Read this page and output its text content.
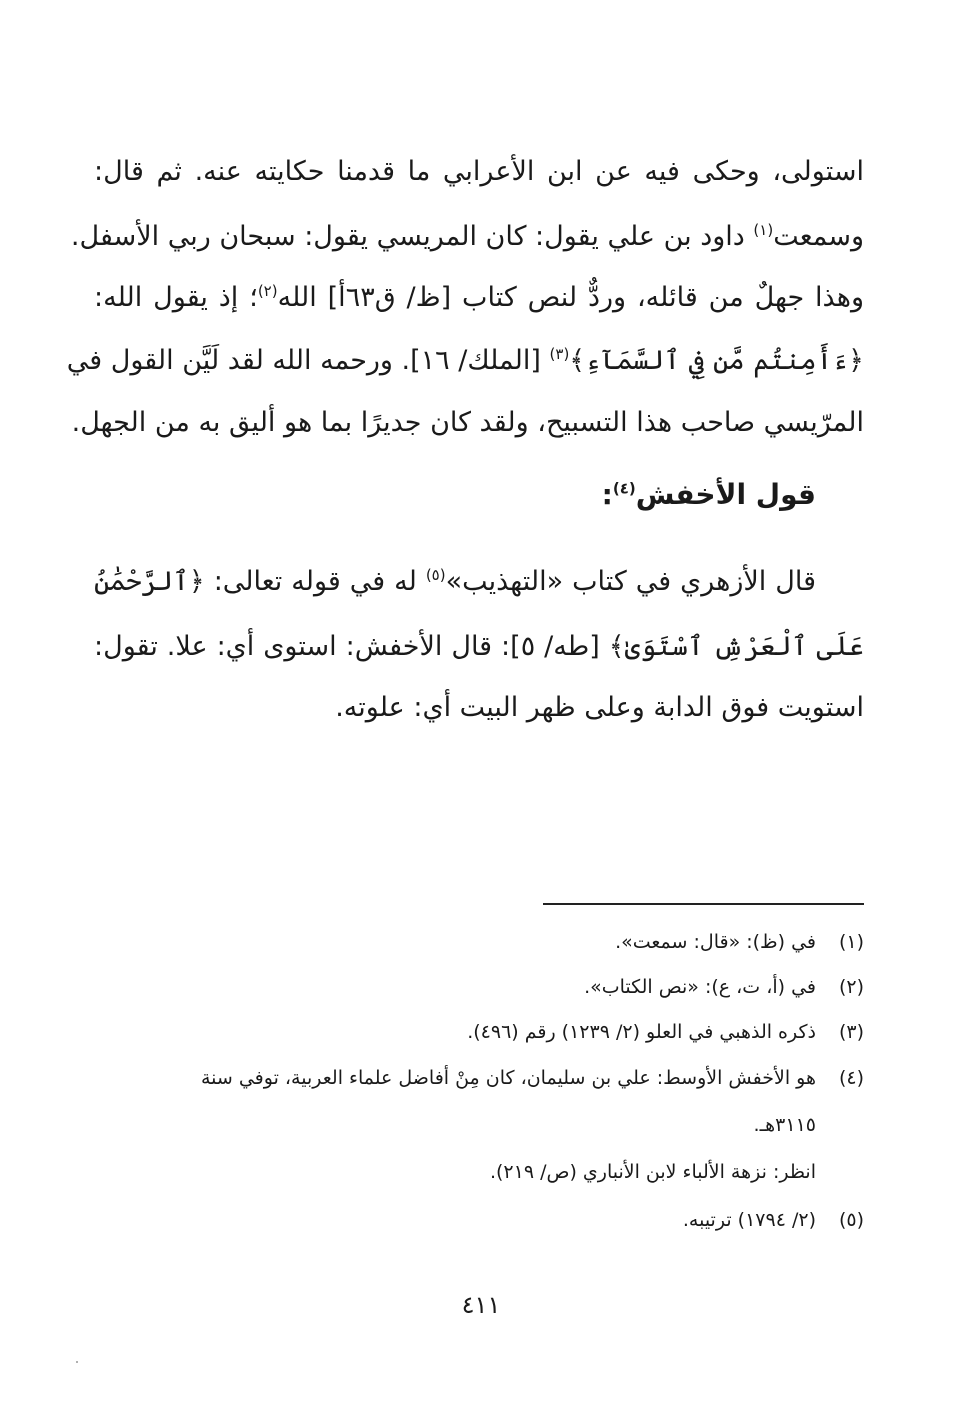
استولى، وحكى فيه عن ابن الأعرابي ما قدمنا حكايته عنه. ثم قال:
وسمعت$^{(١)}$ داود بن علي يقول: كان المريسي يقول: سبحان ربي الأسفل.
وهذا جهلٌ من قائله، وردٌّ لنص كتاب [ظ/ ق٦٣أ] الله$^{(٢)}$؛ إذ يقول الله:
﴿ءَأَمِنتُم مَّن فِي ٱلسَّمَآءِ﴾$^{(٣)}$ [الملك/ ١٦]. ورحمه الله لقد لَيَّن القول في
المرّيسي صاحب هذا التسبيح، ولقد كان جديرًا بما هو أليق به من الجهل.
قول الأخفش$^{(٤)}$:
قال الأزهري في كتاب «التهذيب»$^{(٥)}$ له في قوله تعالى: ﴿ٱلرَّحْمَٰنُ
عَلَى ٱلْعَرْشِ ٱسْتَوَىٰ﴾ [طه/ ٥]: قال الأخفش: استوى أي: علا. تقول:
استويت فوق الدابة وعلى ظهر البيت أي: علوته.
(١)في (ظ): «قال: سمعت».
(٢)في (أ، ت، ع): «نص الكتاب».
(٣)ذكره الذهبي في العلو (٢/ ١٢٣٩) رقم (٤٩٦).
(٤)هو الأخفش الأوسط: علي بن سليمان، كان مِنْ أفاضل علماء العربية، توفي سنة
٣١١٥هـ.
انظر: نزهة الألباء لابن الأنباري (ص/ ٢١٩).
(٥)(٢/ ١٧٩٤) ترتيبه.
٤١١
